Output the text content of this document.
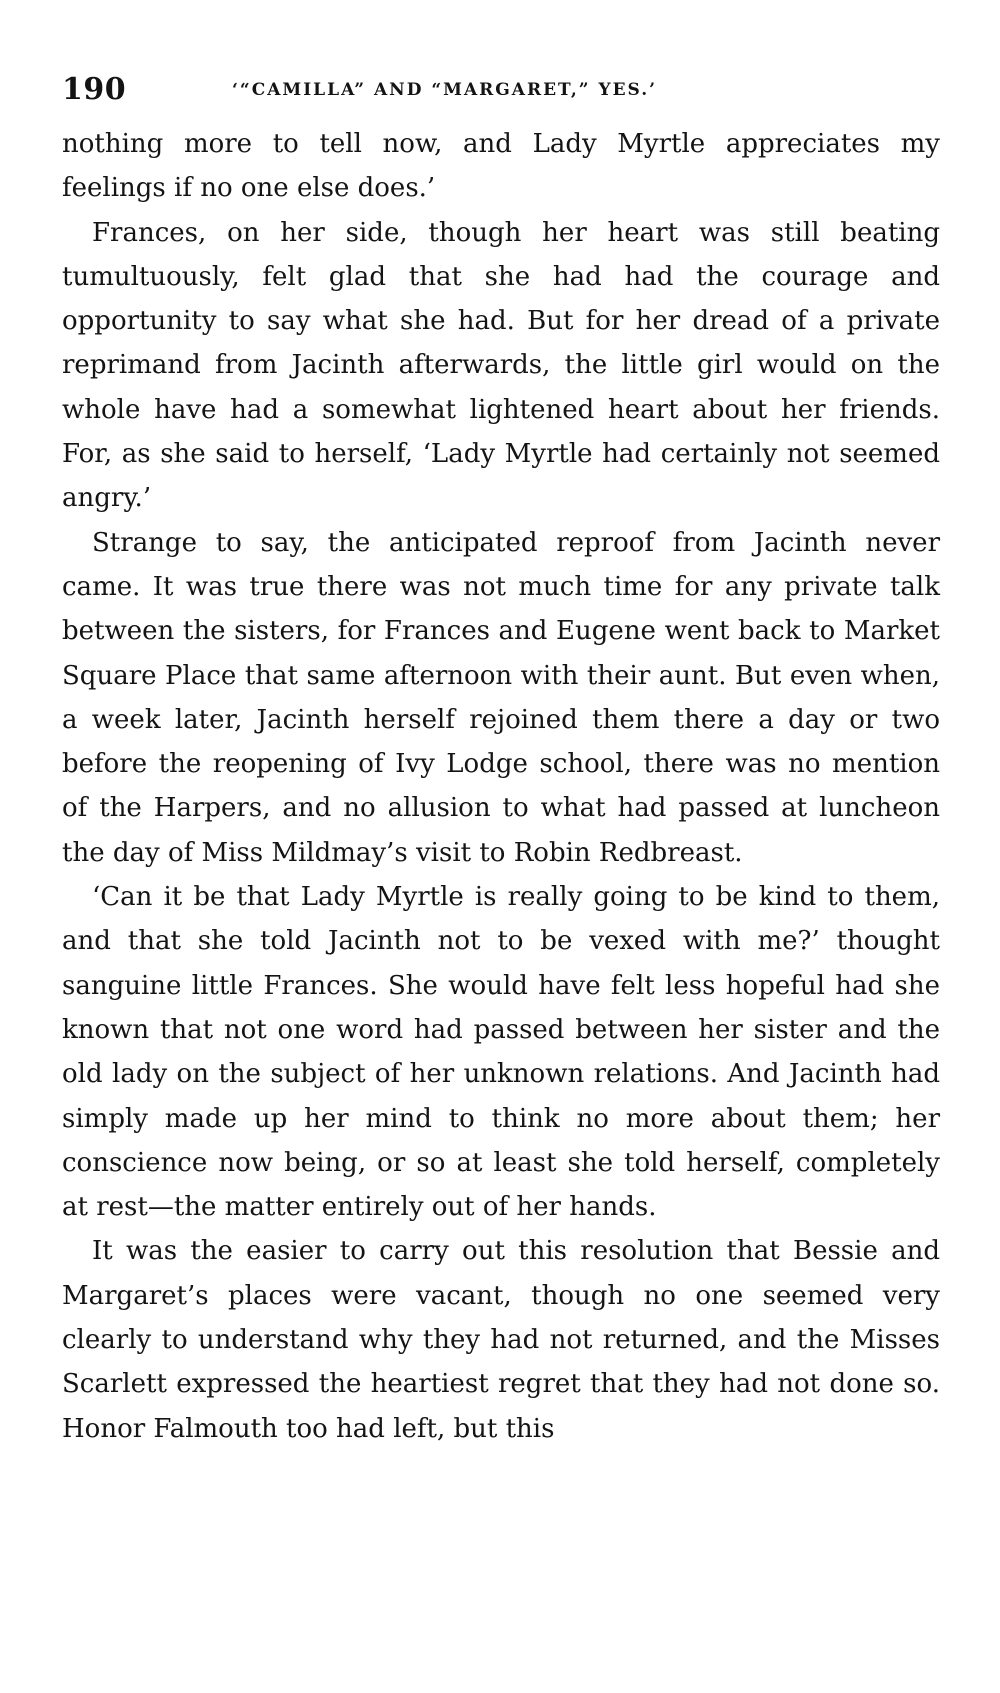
190	‘“CAMILLA” AND “MARGARET,” YES.’

nothing more to tell now, and Lady Myrtle appreciates my feelings if no one else does.’

Frances, on her side, though her heart was still beating tumultuously, felt glad that she had had the courage and opportunity to say what she had. But for her dread of a private reprimand from Jacinth afterwards, the little girl would on the whole have had a somewhat lightened heart about her friends. For, as she said to herself, ‘Lady Myrtle had certainly not seemed angry.’

Strange to say, the anticipated reproof from Jacinth never came. It was true there was not much time for any private talk between the sisters, for Frances and Eugene went back to Market Square Place that same afternoon with their aunt. But even when, a week later, Jacinth herself rejoined them there a day or two before the reopening of Ivy Lodge school, there was no mention of the Harpers, and no allusion to what had passed at luncheon the day of Miss Mildmay’s visit to Robin Redbreast.

‘Can it be that Lady Myrtle is really going to be kind to them, and that she told Jacinth not to be vexed with me?’ thought sanguine little Frances. She would have felt less hopeful had she known that not one word had passed between her sister and the old lady on the subject of her unknown relations. And Jacinth had simply made up her mind to think no more about them; her conscience now being, or so at least she told herself, completely at rest—the matter entirely out of her hands.

It was the easier to carry out this resolution that Bessie and Margaret’s places were vacant, though no one seemed very clearly to understand why they had not returned, and the Misses Scarlett expressed the heartiest regret that they had not done so. Honor Falmouth too had left, but this
